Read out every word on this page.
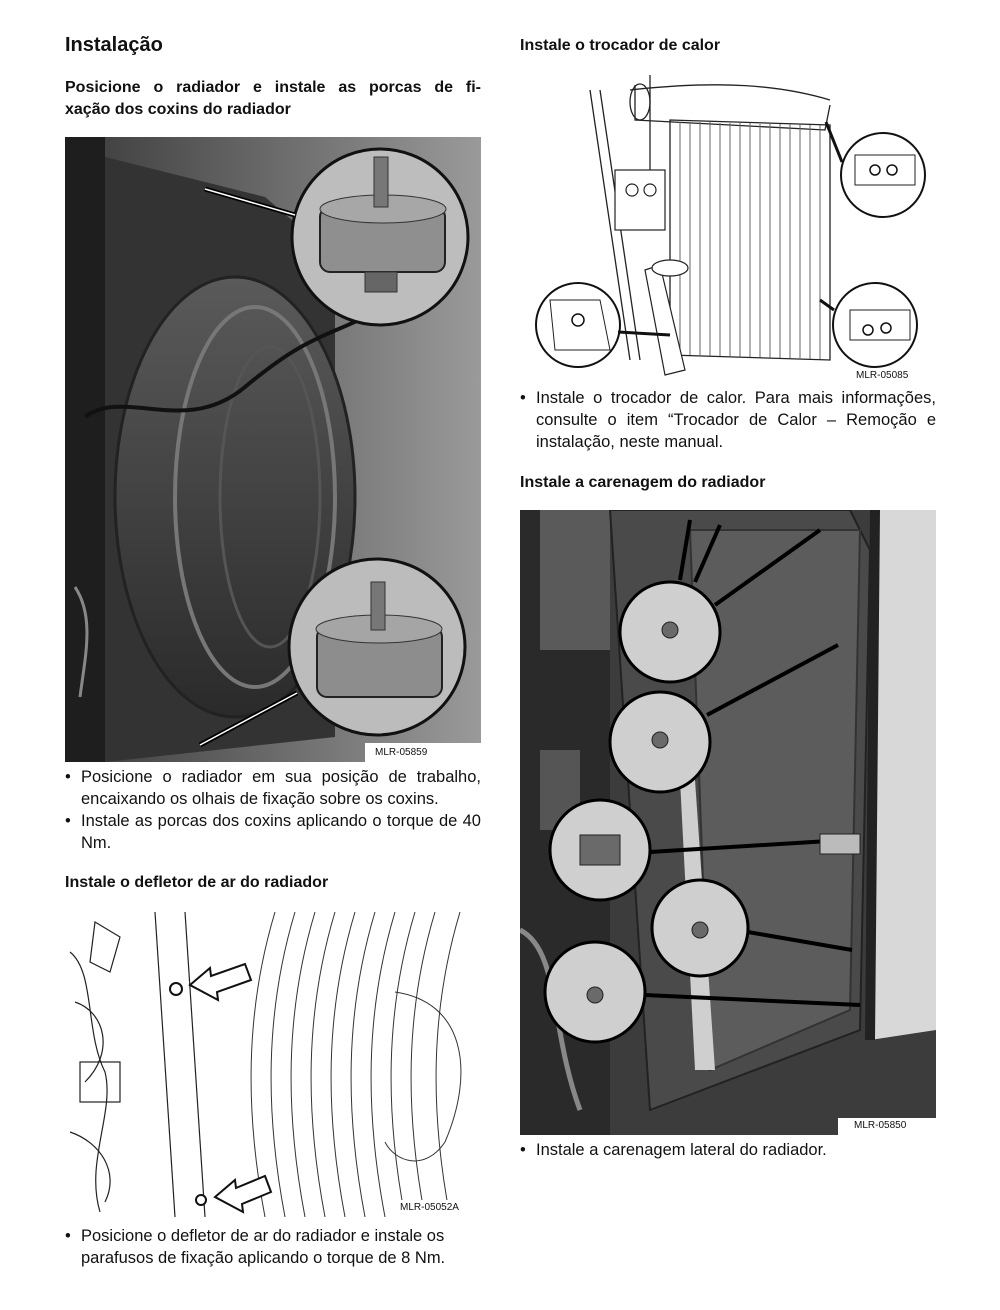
Instalação
Posicione o radiador e instale as porcas de fi-
xação dos coxins do radiador
MLR-05859
• Posicione o radiador em sua posição de trabalho, encaixando os olhais de fixação sobre os coxins.
• Instale as porcas dos coxins aplicando o torque de 40 Nm.
Instale o defletor de ar do radiador
MLR-05052A
• Posicione o defletor de ar do radiador e instale os parafusos de fixação aplicando o torque de 8 Nm.
Instale o trocador de calor
MLR-05085
• Instale o trocador de calor. Para mais informações, consulte o item “Trocador de Calor – Remoção e instalação, neste manual.
Instale a carenagem do radiador
MLR-05850
• Instale a carenagem lateral do radiador.
